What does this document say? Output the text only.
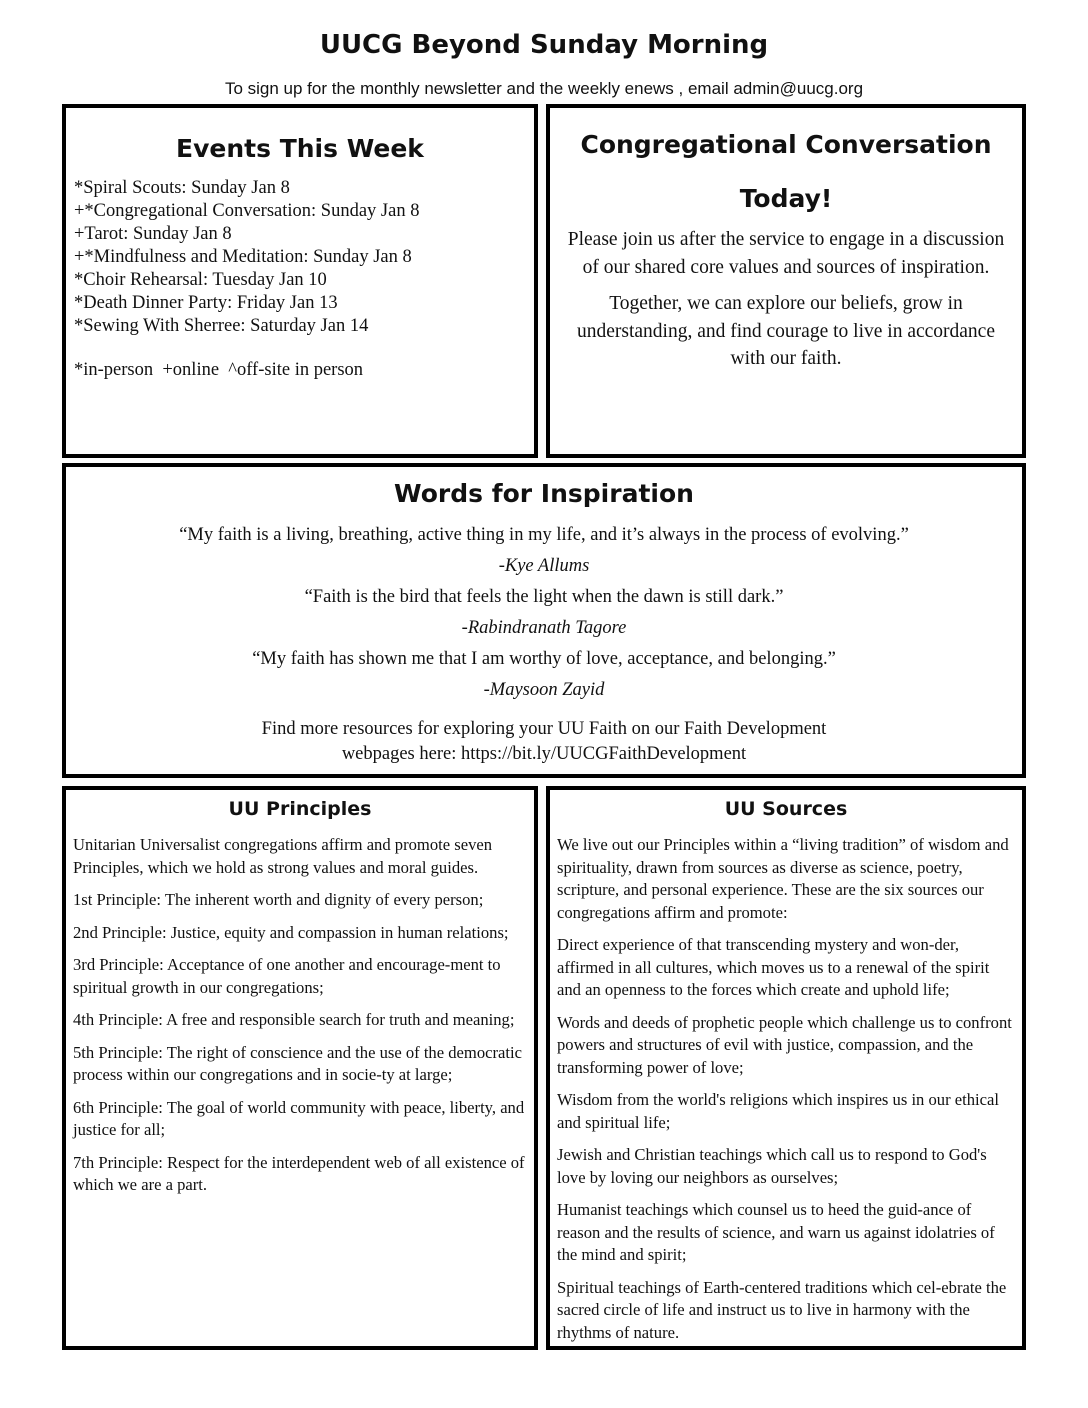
UUCG Beyond Sunday Morning
To sign up for the monthly newsletter and the weekly enews , email admin@uucg.org
Events This Week
*Spiral Scouts: Sunday Jan 8
+*Congregational Conversation: Sunday Jan 8
+Tarot: Sunday Jan 8
+*Mindfulness and Meditation: Sunday Jan 8
*Choir Rehearsal: Tuesday Jan 10
*Death Dinner Party: Friday Jan 13
*Sewing With Sherree: Saturday Jan 14
*in-person  +online  ^off-site in person
Congregational Conversation
Today!

Please join us after the service to engage in a discussion of our shared core values and sources of inspiration.

Together, we can explore our beliefs, grow in understanding, and find courage to live in accordance with our faith.

Words for Inspiration
“My faith is a living, breathing, active thing in my life, and it’s always in the process of evolving.”
-Kye Allums
“Faith is the bird that feels the light when the dawn is still dark.”
-Rabindranath Tagore
“My faith has shown me that I am worthy of love, acceptance, and belonging.”
-Maysoon Zayid
Find more resources for exploring your UU Faith on our Faith Development webpages here: https://bit.ly/UUCGFaithDevelopment
UU Principles

Unitarian Universalist congregations affirm and promote seven Principles, which we hold as strong values and moral guides.

1st Principle: The inherent worth and dignity of every person;

2nd Principle: Justice, equity and compassion in human relations;

3rd Principle: Acceptance of one another and encourage-ment to spiritual growth in our congregations;

4th Principle: A free and responsible search for truth and meaning;

5th Principle: The right of conscience and the use of the democratic process within our congregations and in socie-ty at large;

6th Principle: The goal of world community with peace, liberty, and justice for all;

7th Principle: Respect for the interdependent web of all existence of which we are a part.

UU Sources

We live out our Principles within a “living tradition” of wisdom and spirituality, drawn from sources as diverse as science, poetry, scripture, and personal experience. These are the six sources our congregations affirm and promote:

Direct experience of that transcending mystery and won-der, affirmed in all cultures, which moves us to a renewal of the spirit and an openness to the forces which create and uphold life;

Words and deeds of prophetic people which challenge us to confront powers and structures of evil with justice, compassion, and the transforming power of love;

Wisdom from the world's religions which inspires us in our ethical and spiritual life;

Jewish and Christian teachings which call us to respond to God's love by loving our neighbors as ourselves;

Humanist teachings which counsel us to heed the guid-ance of reason and the results of science, and warn us against idolatries of the mind and spirit;

Spiritual teachings of Earth-centered traditions which cel-ebrate the sacred circle of life and instruct us to live in harmony with the rhythms of nature.
